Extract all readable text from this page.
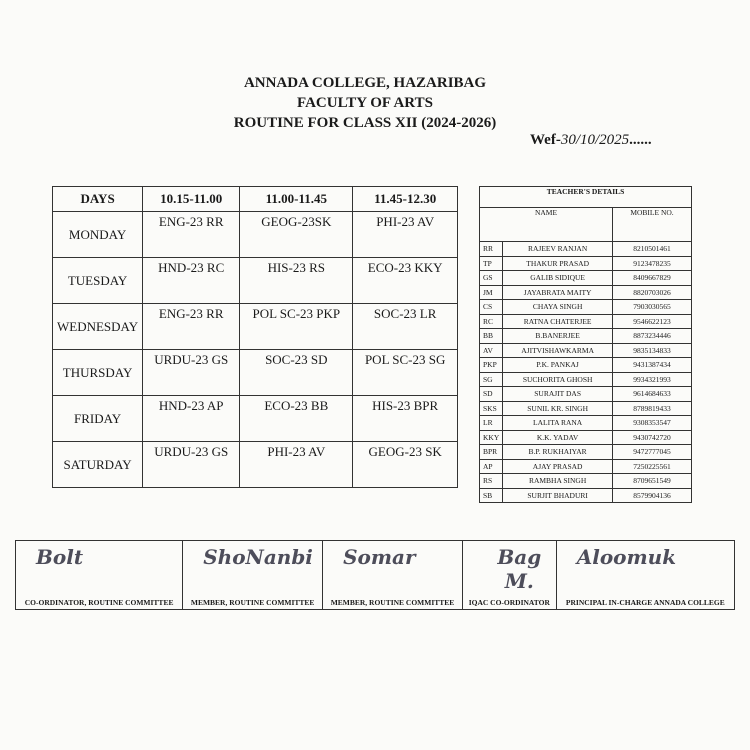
ANNADA COLLEGE, HAZARIBAG
FACULTY OF ARTS
ROUTINE FOR CLASS XII (2024-2026)
Wef-30/10/2025......
DAYS	10.15-11.00	11.00-11.45	11.45-12.30
MONDAY	ENG-23 RR	GEOG-23SK	PHI-23 AV
TUESDAY	HND-23 RC	HIS-23 RS	ECO-23 KKY
WEDNESDAY	ENG-23 RR	POL SC-23 PKP	SOC-23 LR
THURSDAY	URDU-23 GS	SOC-23 SD	POL SC-23 SG
FRIDAY	HND-23 AP	ECO-23 BB	HIS-23 BPR
SATURDAY	URDU-23 GS	PHI-23 AV	GEOG-23 SK
TEACHER'S DETAILS		
NAME		MOBILE NO.
RR	RAJEEV RANJAN	8210501461
TP	THAKUR PRASAD	9123478235
GS	GALIB SIDIQUE	8409667829
JM	JAYABRATA MAITY	8820703026
CS	CHAYA SINGH	7903030565
RC	RATNA CHATERJEE	9546622123
BB	B.BANERJEE	8873234446
AV	AJITVISHAWKARMA	9835134833
PKP	P.K. PANKAJ	9431387434
SG	SUCHORITA GHOSH	9934321993
SD	SURAJIT DAS	9614684633
SKS	SUNIL KR. SINGH	8789819433
LR	LALITA RANA	9308353547
KKY	K.K. YADAV	9430742720
BPR	B.P. RUKHAIYAR	9472777045
AP	AJAY PRASAD	7250225561
RS	RAMBHA SINGH	8709651549
SB	SURJIT BHADURI	8579904136
Bolt
CO-ORDINATOR, ROUTINE COMMITTEE	
ShoNanbi
MEMBER, ROUTINE COMMITTEE	
Somar
MEMBER, ROUTINE COMMITTEE	
Bag M.
IQAC CO-ORDINATOR	
Aloomuk
PRINCIPAL IN-CHARGE ANNADA COLLEGE
